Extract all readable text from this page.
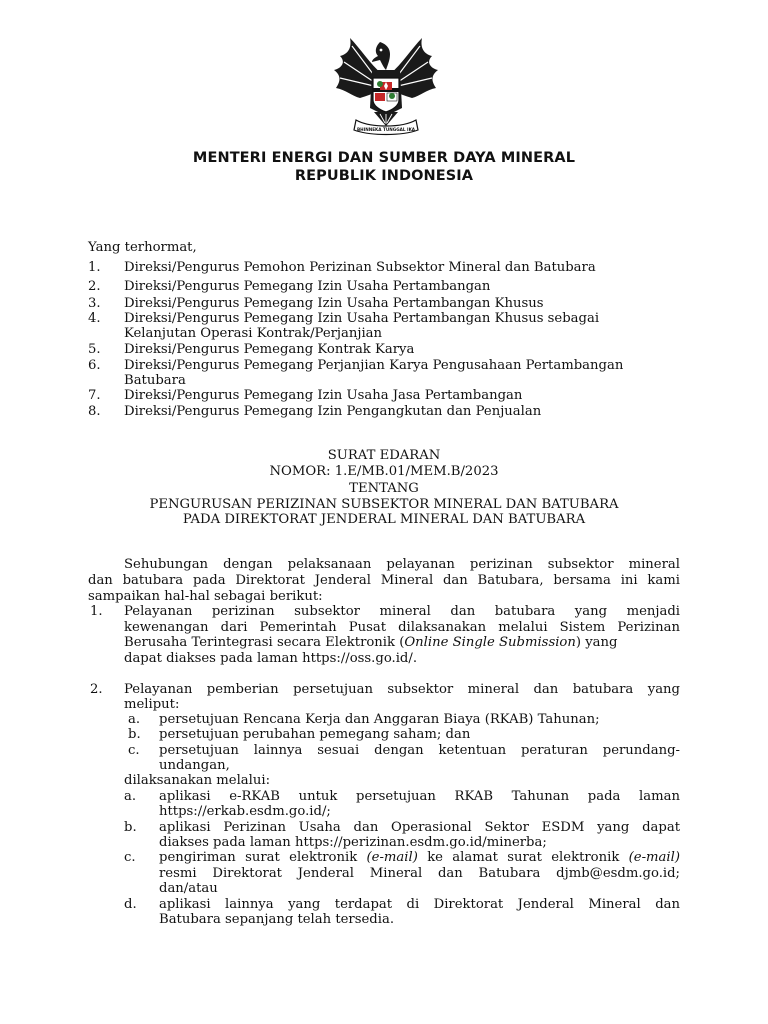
BHINNEKA TUNGGAL IKA
MENTERI ENERGI DAN SUMBER DAYA MINERAL
REPUBLIK INDONESIA
Yang terhormat,
1. Direksi/Pengurus Pemohon Perizinan Subsektor Mineral dan Batubara
2. Direksi/Pengurus Pemegang Izin Usaha Pertambangan
3. Direksi/Pengurus Pemegang Izin Usaha Pertambangan Khusus
4. Direksi/Pengurus Pemegang Izin Usaha Pertambangan Khusus sebagai
Kelanjutan Operasi Kontrak/Perjanjian
5. Direksi/Pengurus Pemegang Kontrak Karya
6. Direksi/Pengurus Pemegang Perjanjian Karya Pengusahaan Pertambangan
Batubara
7. Direksi/Pengurus Pemegang Izin Usaha Jasa Pertambangan
8. Direksi/Pengurus Pemegang Izin Pengangkutan dan Penjualan
SURAT EDARAN
NOMOR: 1.E/MB.01/MEM.B/2023
TENTANG
PENGURUSAN PERIZINAN SUBSEKTOR MINERAL DAN BATUBARA
PADA DIREKTORAT JENDERAL MINERAL DAN BATUBARA
Sehubungan dengan pelaksanaan pelayanan perizinan subsektor mineral
dan batubara pada Direktorat Jenderal Mineral dan Batubara, bersama ini kami
sampaikan hal-hal sebagai berikut:
1. Pelayanan perizinan subsektor mineral dan batubara yang menjadi
kewenangan dari Pemerintah Pusat dilaksanakan melalui Sistem Perizinan
Berusaha Terintegrasi secara Elektronik (Online Single Submission) yang
dapat diakses pada laman https://oss.go.id/.
2. Pelayanan pemberian persetujuan subsektor mineral dan batubara yang
meliput:
a. persetujuan Rencana Kerja dan Anggaran Biaya (RKAB) Tahunan;
b. persetujuan perubahan pemegang saham; dan
c. persetujuan lainnya sesuai dengan ketentuan peraturan perundang-
undangan,
dilaksanakan melalui:
a. aplikasi e-RKAB untuk persetujuan RKAB Tahunan pada laman
https://erkab.esdm.go.id/;
b. aplikasi Perizinan Usaha dan Operasional Sektor ESDM yang dapat
diakses pada laman https://perizinan.esdm.go.id/minerba;
c. pengiriman surat elektronik (e-mail) ke alamat surat elektronik (e-mail)
resmi Direktorat Jenderal Mineral dan Batubara djmb@esdm.go.id;
dan/atau
d. aplikasi lainnya yang terdapat di Direktorat Jenderal Mineral dan
Batubara sepanjang telah tersedia.
